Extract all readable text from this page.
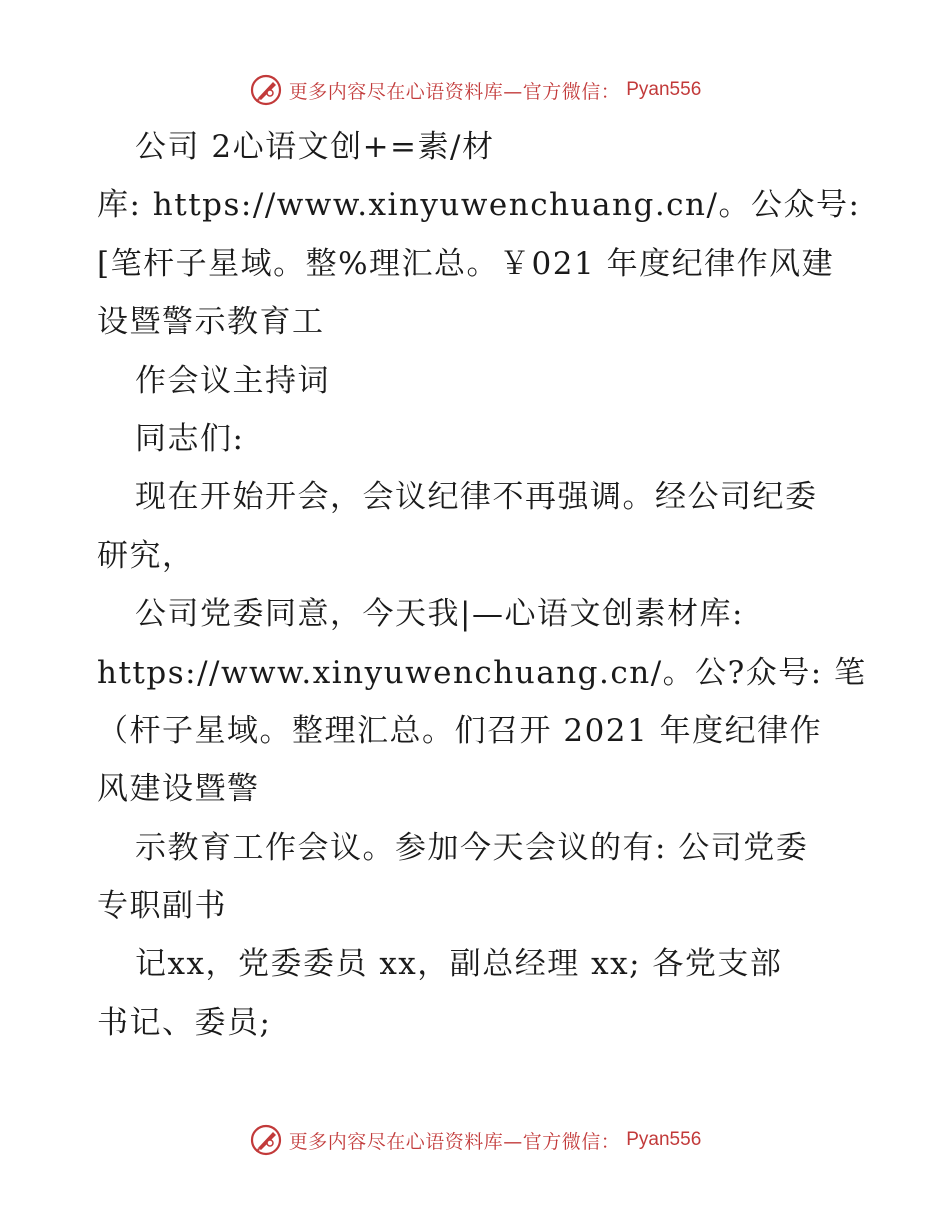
更多内容尽在心语资料库—官方微信： Pyan556
公司 2心语文创+=素/材
库: https://www.xinyuwenchuang.cn/。公众号:
[笔杆子星域。整%理汇总。￥021 年度纪律作风建
设暨警示教育工
作会议主持词
同志们:
现在开始开会，会议纪律不再强调。经公司纪委
研究，
公司党委同意，今天我|—心语文创素材库:
https://www.xinyuwenchuang.cn/。公?众号: 笔
（杆子星域。整理汇总。们召开 2021 年度纪律作
风建设暨警
示教育工作会议。参加今天会议的有: 公司党委
专职副书
记xx，党委委员 xx，副总经理 xx; 各党支部
书记、委员;
更多内容尽在心语资料库—官方微信： Pyan556
